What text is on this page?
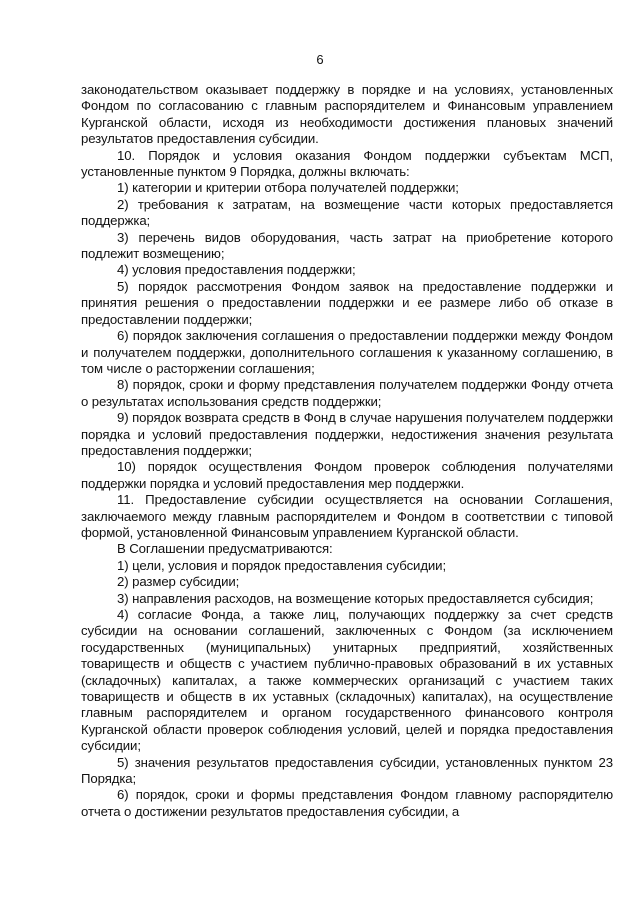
6

законодательством оказывает поддержку в порядке и на условиях, установленных Фондом по согласованию с главным распорядителем и Финансовым управлением Курганской области, исходя из необходимости достижения плановых значений результатов предоставления субсидии.

10. Порядок и условия оказания Фондом поддержки субъектам МСП, установленные пунктом 9 Порядка, должны включать:

1) категории и критерии отбора получателей поддержки;

2) требования к затратам, на возмещение части которых предоставляется поддержка;

3) перечень видов оборудования, часть затрат на приобретение которого подлежит возмещению;

4) условия предоставления поддержки;

5) порядок рассмотрения Фондом заявок на предоставление поддержки и принятия решения о предоставлении поддержки и ее размере либо об отказе в предоставлении поддержки;

6) порядок заключения соглашения о предоставлении поддержки между Фондом и получателем поддержки, дополнительного соглашения к указанному соглашению, в том числе о расторжении соглашения;

8) порядок, сроки и форму представления получателем поддержки Фонду отчета о результатах использования средств поддержки;

9) порядок возврата средств в Фонд в случае нарушения получателем поддержки порядка и условий предоставления поддержки, недостижения значения результата предоставления поддержки;

10) порядок осуществления Фондом проверок соблюдения получателями поддержки порядка и условий предоставления мер поддержки.

11. Предоставление субсидии осуществляется на основании Соглашения, заключаемого между главным распорядителем и Фондом в соответствии с типовой формой, установленной Финансовым управлением Курганской области.

В Соглашении предусматриваются:

1) цели, условия и порядок предоставления субсидии;

2) размер субсидии;

3) направления расходов, на возмещение которых предоставляется субсидия;

4) согласие Фонда, а также лиц, получающих поддержку за счет средств субсидии на основании соглашений, заключенных с Фондом (за исключением государственных (муниципальных) унитарных предприятий, хозяйственных товариществ и обществ с участием публично-правовых образований в их уставных (складочных) капиталах, а также коммерческих организаций с участием таких товариществ и обществ в их уставных (складочных) капиталах), на осуществление главным распорядителем и органом государственного финансового контроля Курганской области проверок соблюдения условий, целей и порядка предоставления субсидии;

5) значения результатов предоставления субсидии, установленных пунктом 23 Порядка;

6) порядок, сроки и формы представления Фондом главному распорядителю отчета о достижении результатов предоставления субсидии, а
